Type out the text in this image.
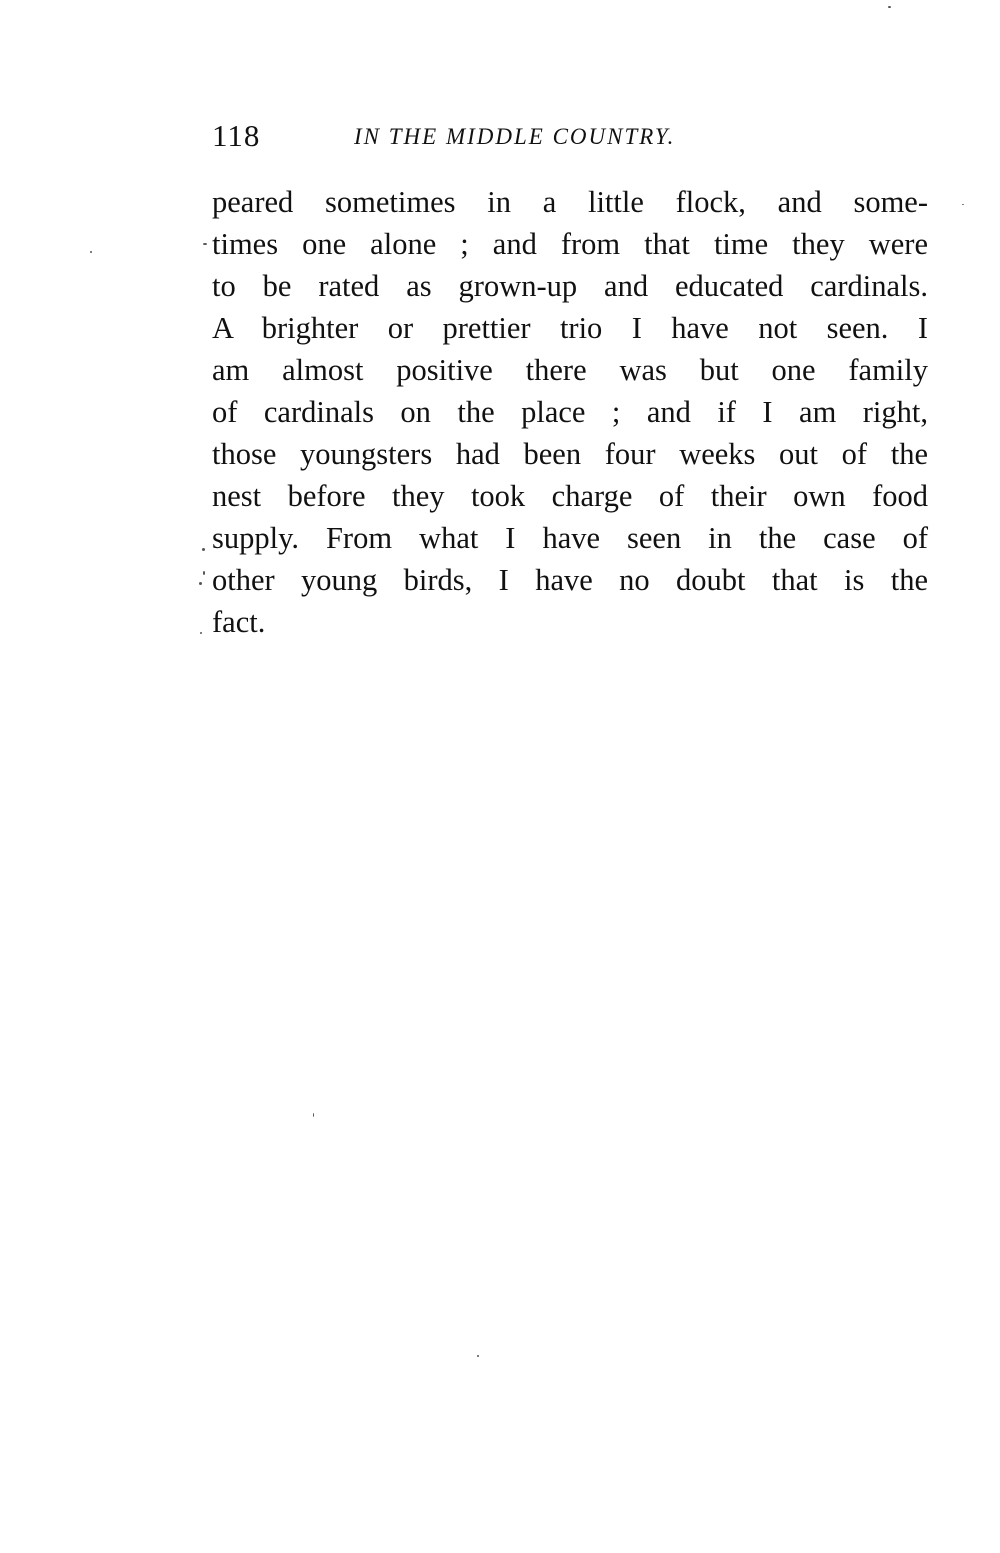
118	IN THE MIDDLE COUNTRY.
peared sometimes in a little flock, and some-
times one alone ; and from that time they were
to be rated as grown-up and educated cardinals.
A brighter or prettier trio I have not seen. I
am almost positive there was but one family
of cardinals on the place ; and if I am right,
those youngsters had been four weeks out of the
nest before they took charge of their own food
supply. From what I have seen in the case of
other young birds, I have no doubt that is the
fact.
